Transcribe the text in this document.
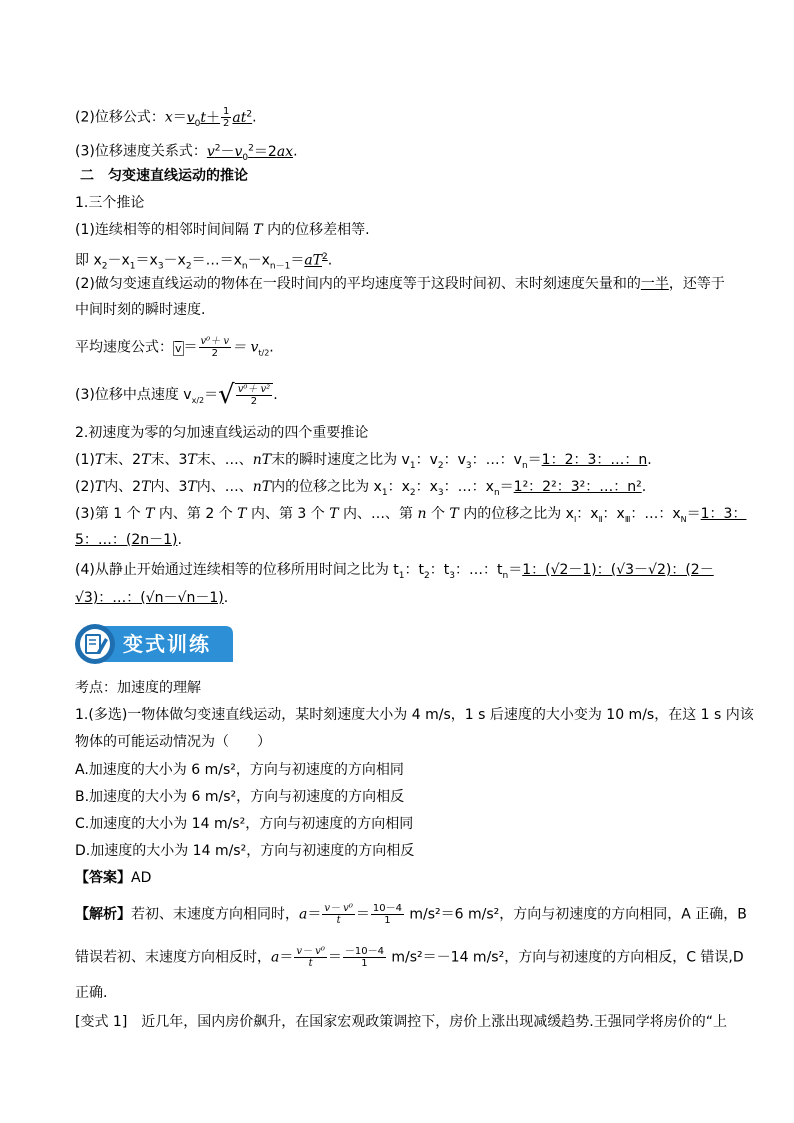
(2)位移公式：$x=v_0t+ \frac{1}{2} at^2$.
(3)位移速度关系式：$v^2-v_0^2=2ax$.
二　匀变速直线运动的推论
1.三个推论
(1)连续相等的相邻时间间隔 T 内的位移差相等.
即 $x_2-x_1=x_3-x_2=\dots=x_n-x_{n-1}=aT^2$.
(2)做匀变速直线运动的物体在一段时间内的平均速度等于这段时间初、末时刻速度矢量和的一半，还等于
中间时刻的瞬时速度.
平均速度公式： $\overline{v} = \frac{\text{v⁰＋ v}}{2} = v_{t/2}$.
(3)位移中点速度 $v_{x/2}=√ \frac{\text{v⁰＋ v²}}{2}$ .
2.初速度为零的匀加速直线运动的四个重要推论
(1)T末、2T末、3T末、…、nT末的瞬时速度之比为 $v_1$：$v_2$：$v_3$：…：$v_n=1$：2：3：…：n.
(2)T内、2T内、3T内、…、nT内的位移之比为 $x_1$：$x_2$：$x_3$：…：$x_n=1^2$：2²：3²：…：n².
(3)第 1 个 T 内、第 2 个 T 内、第 3 个 T 内、…、第 n 个 T 内的位移之比为 $x_Ⅰ$：$x_Ⅱ$：$x_Ⅲ$：…：$x_N=1$：3：
5：…：(2n－1).
(4)从静止开始通过连续相等的位移所用时间之比为 $t_1$：$t_2$：$t_3$：…：$t_n=1$：(√2－1)：(√3－√2)：(2－
√3)：…：(√n－√n－1).
变式训练
考点：加速度的理解
1.(多选)一物体做匀变速直线运动，某时刻速度大小为 4 m/s，1 s 后速度的大小变为 10 m/s，在这 1 s 内该
物体的可能运动情况为（　　）
A.加速度的大小为 6 m/s²，方向与初速度的方向相同
B.加速度的大小为 6 m/s²，方向与初速度的方向相反
C.加速度的大小为 14 m/s²，方向与初速度的方向相同
D.加速度的大小为 14 m/s²，方向与初速度的方向相反
【答案】AD
【解析】若初、末速度方向相同时，$a= \frac{\text{v－ v⁰}}{t} = \frac{10-4}{1} m/s^2=6$ m/s²，方向与初速度的方向相同，A 正确，B
错误若初、末速度方向相反时，$a= \frac{\text{v－ v⁰}}{t} = \frac{-10-4}{1} m/s^2=-14$ m/s²，方向与初速度的方向相反，C 错误,D
正确.
[变式 1]　近几年，国内房价飙升，在国家宏观政策调控下，房价上涨出现减缓趋势.王强同学将房价的“上
